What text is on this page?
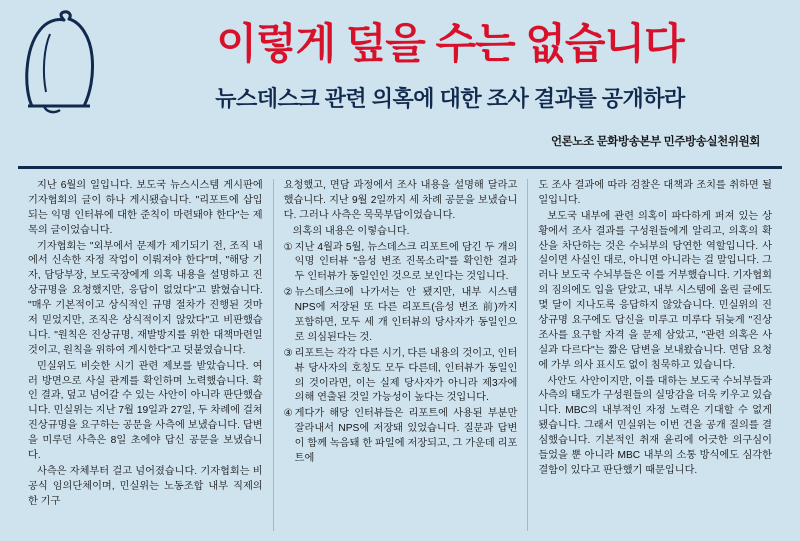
이렇게 덮을 수는 없습니다
뉴스데스크 관련 의혹에 대한 조사 결과를 공개하라
언론노조 문화방송본부 민주방송실천위원회

지난 6월의 일입니다. 보도국 뉴스시스템 게시판에 기자협회의 글이 하나 게시됐습니다. "리포트에 삽입되는 익명 인터뷰에 대한 준칙이 마련돼야 한다"는 제목의 글이었습니다.

기자협회는 "외부에서 문제가 제기되기 전, 조직 내에서 신속한 자정 작업이 이뤄져야 한다"며, "해당 기자, 담당부장, 보도국장에게 의혹 내용을 설명하고 진상규명을 요청했지만, 응답이 없었다"고 밝혔습니다. "매우 기본적이고 상식적인 규명 절차가 진행된 것마저 믿었지만, 조직은 상식적이지 않았다"고 비판했습니다. "원칙은 진상규명, 재발방지를 위한 대책마련일 것이고, 원칙을 위하여 게시한다"고 덧붙였습니다.

민실위도 비슷한 시기 관련 제보를 받았습니다. 여러 방면으로 사실 관계를 확인하며 노력했습니다. 확인 결과, 덮고 넘어갈 수 있는 사안이 아니라 판단했습니다. 민실위는 지난 7월 19일과 27일, 두 차례에 걸쳐 진상규명을 요구하는 공문을 사측에 보냈습니다. 답변을 미루던 사측은 8일 초에야 답신 공문을 보냈습니다.

사측은 자체부터 걸고 넘어졌습니다. 기자협회는 비공식 임의단체이며, 민실위는 노동조합 내부 직제의 한 기구

요청했고, 면담 과정에서 조사 내용을 설명해 달라고 했습니다. 지난 9월 2일까지 세 차례 공문을 보냈습니다. 그러나 사측은 묵묵부답이었습니다.

의혹의 내용은 이렇습니다.

① 지난 4월과 5월, 뉴스데스크 리포트에 담긴 두 개의 익명 인터뷰 "음성 변조 진목소리"를 확인한 결과 두 인터뷰가 동일인인 것으로 보인다는 것입니다.

② 뉴스데스크에 나가서는 안 됐지만, 내부 시스템 NPS에 저장된 또 다른 리포트(음성 변조 前)까지 포함하면, 모두 세 개 인터뷰의 당사자가 동일인으로 의심된다는 것.

③ 리포트는 각각 다른 시기, 다른 내용의 것이고, 인터뷰 당사자의 호칭도 모두 다른데, 인터뷰가 동일인의 것이라면, 이는 실제 당사자가 아니라 제3자에 의해 연출된 것일 가능성이 높다는 것입니다.

④ 게다가 해당 인터뷰들은 리포트에 사용된 부분만 잘라내서 NPS에 저장돼 있었습니다. 질문과 답변이 함께 녹음돼 한 파일에 저장되고, 그 가운데 리포트에

도 조사 결과에 따라 검찰은 대책과 조치를 취하면 될 일입니다.

보도국 내부에 관련 의혹이 파다하게 퍼져 있는 상황에서 조사 결과를 구성원들에게 알리고, 의혹의 확산을 차단하는 것은 수뇌부의 당연한 역할입니다. 사실이면 사실인 대로, 아니면 아니라는 걸 말입니다. 그러나 보도국 수뇌부들은 이를 거부했습니다. 기자협회의 짐의에도 입을 닫았고, 내부 시스템에 올린 글에도 몇 달이 지나도록 응답하지 않았습니다. 민실위의 진상규명 요구에도 답신을 미루고 미루다 뒤늦게 "진상조사를 요구할 자격 을 문제 삼았고, "관련 의혹은 사실과 다르다"는 짧은 답변을 보내왔습니다. 면담 요청에 가부 의사 표시도 없이 침묵하고 있습니다.

사안도 사안이지만, 이를 대하는 보도국 수뇌부들과 사측의 태도가 구성원들의 실망감을 더욱 키우고 있습니다. MBC의 내부적인 자정 노력은 기대할 수 없게 됐습니다. 그래서 민실위는 이번 건을 공개 질의를 결심했습니다. 기본적인 취재 윤리에 어긋한 의구심이 들었을 뿐 아니라 MBC 내부의 소통 방식에도 심각한 결함이 있다고 판단했기 때문입니다.
